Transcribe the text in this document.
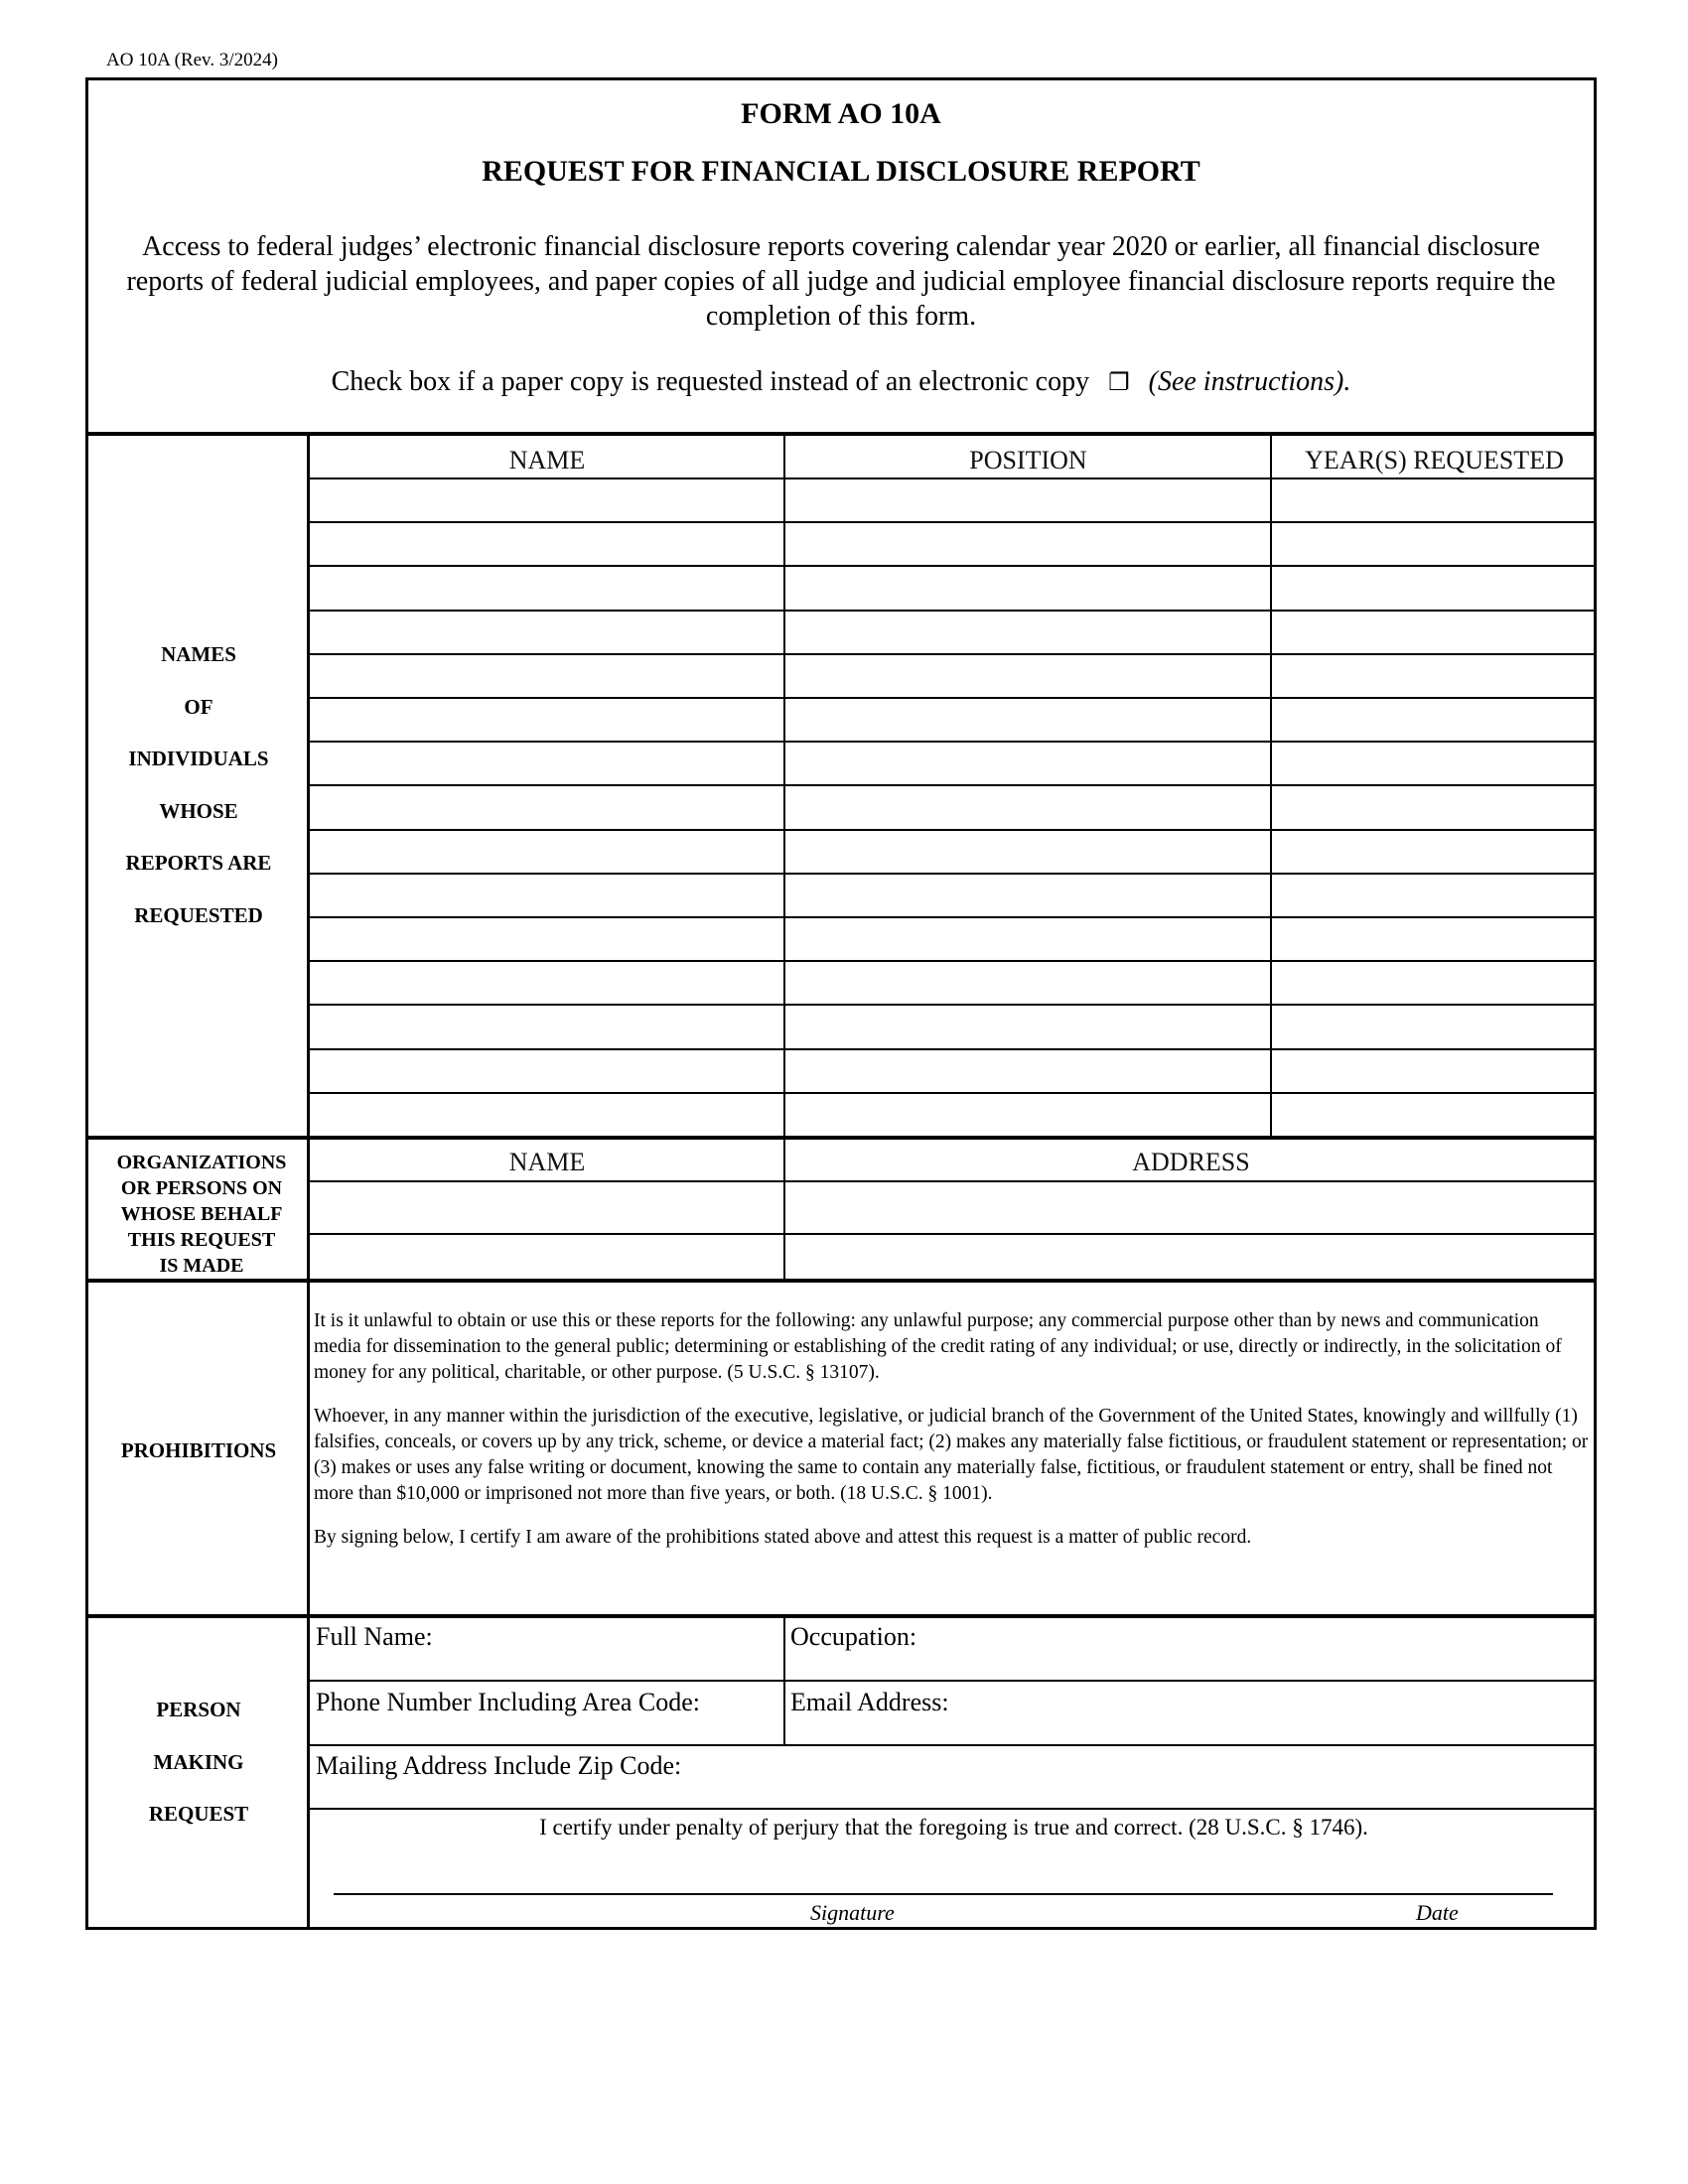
AO 10A (Rev. 3/2024)
FORM AO 10A
REQUEST FOR FINANCIAL DISCLOSURE REPORT
Access to federal judges’ electronic financial disclosure reports covering calendar year 2020 or earlier, all financial disclosure reports of federal judicial employees, and paper copies of all judge and judicial employee financial disclosure reports require the completion of this form.
Check box if a paper copy is requested instead of an electronic copy ❐ (See instructions).
NAMES
OF
INDIVIDUALS
WHOSE
REPORTS ARE
REQUESTED
NAME	POSITION	YEAR(S) REQUESTED
ORGANIZATIONS
OR PERSONS ON
WHOSE BEHALF
THIS REQUEST
IS MADE
NAME	ADDRESS
PROHIBITIONS

It is it unlawful to obtain or use this or these reports for the following: any unlawful purpose; any commercial purpose other than by news and communication media for dissemination to the general public; determining or establishing of the credit rating of any individual; or use, directly or indirectly, in the solicitation of money for any political, charitable, or other purpose. (5 U.S.C. § 13107).

Whoever, in any manner within the jurisdiction of the executive, legislative, or judicial branch of the Government of the United States, knowingly and willfully (1) falsifies, conceals, or covers up by any trick, scheme, or device a material fact; (2) makes any materially false fictitious, or fraudulent statement or representation; or (3) makes or uses any false writing or document, knowing the same to contain any materially false, fictitious, or fraudulent statement or entry, shall be fined not more than $10,000 or imprisoned not more than five years, or both. (18 U.S.C. § 1001).

By signing below, I certify I am aware of the prohibitions stated above and attest this request is a matter of public record.

PERSON
MAKING
REQUEST
Full Name:	Occupation:
Phone Number Including Area Code:	Email Address:
Mailing Address Include Zip Code:
I certify under penalty of perjury that the foregoing is true and correct. (28 U.S.C. § 1746).
Signature	Date
